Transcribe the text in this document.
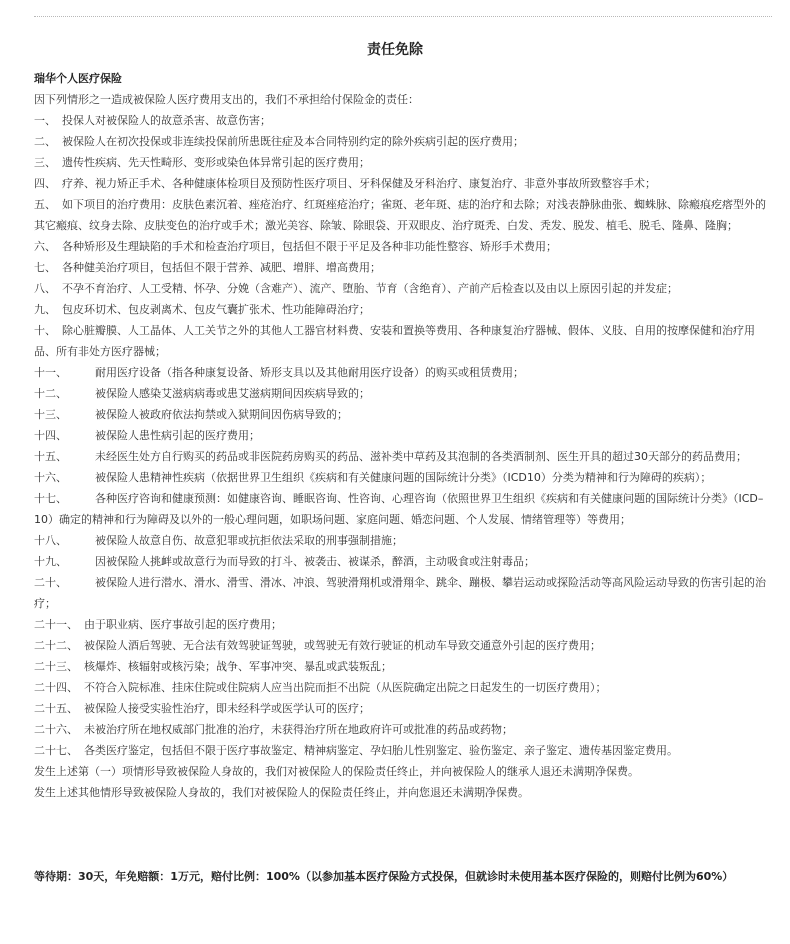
责任免除
瑞华个人医疗保险
因下列情形之一造成被保险人医疗费用支出的，我们不承担给付保险金的责任：
一、 投保人对被保险人的故意杀害、故意伤害；
二、 被保险人在初次投保或非连续投保前所患既往症及本合同特别约定的除外疾病引起的医疗费用；
三、 遗传性疾病、先天性畸形、变形或染色体异常引起的医疗费用；
四、 疗养、视力矫正手术、各种健康体检项目及预防性医疗项目、牙科保健及牙科治疗、康复治疗、非意外事故所致整容手术；
五、 如下项目的治疗费用：皮肤色素沉着、痤疮治疗、红斑痤疮治疗；雀斑、老年斑、痣的治疗和去除；对浅表静脉曲张、蜘蛛脉、除瘢痕疙瘩型外的其它瘢痕、纹身去除、皮肤变色的治疗或手术；激光美容、除皱、除眼袋、开双眼皮、治疗斑秃、白发、秃发、脱发、植毛、脱毛、隆鼻、隆胸；
六、 各种矫形及生理缺陷的手术和检查治疗项目，包括但不限于平足及各种非功能性整容、矫形手术费用；
七、 各种健美治疗项目，包括但不限于营养、减肥、增胖、增高费用；
八、 不孕不育治疗、人工受精、怀孕、分娩（含难产）、流产、堕胎、节育（含绝育）、产前产后检查以及由以上原因引起的并发症；
九、 包皮环切术、包皮剥离术、包皮气囊扩张术、性功能障碍治疗；
十、 除心脏瓣膜、人工晶体、人工关节之外的其他人工器官材料费、安装和置换等费用、各种康复治疗器械、假体、义肢、自用的按摩保健和治疗用品、所有非处方医疗器械；
十一、	耐用医疗设备（指各种康复设备、矫形支具以及其他耐用医疗设备）的购买或租赁费用；
十二、	被保险人感染艾滋病病毒或患艾滋病期间因疾病导致的；
十三、	被保险人被政府依法拘禁或入狱期间因伤病导致的；
十四、	被保险人患性病引起的医疗费用；
十五、	未经医生处方自行购买的药品或非医院药房购买的药品、滋补类中草药及其泡制的各类酒制剂、医生开具的超过30天部分的药品费用；
十六、	被保险人患精神性疾病（依据世界卫生组织《疾病和有关健康问题的国际统计分类》（ICD10）分类为精神和行为障碍的疾病）；
十七、	各种医疗咨询和健康预测：如健康咨询、睡眠咨询、性咨询、心理咨询（依照世界卫生组织《疾病和有关健康问题的国际统计分类》（ICD–10）确定的精神和行为障碍及以外的一般心理问题，如职场问题、家庭问题、婚恋问题、个人发展、情绪管理等）等费用；
十八、	被保险人故意自伤、故意犯罪或抗拒依法采取的刑事强制措施；
十九、	因被保险人挑衅或故意行为而导致的打斗、被袭击、被谋杀，醉酒，主动吸食或注射毒品；
二十、	被保险人进行潜水、滑水、滑雪、滑冰、冲浪、驾驶滑翔机或滑翔伞、跳伞、蹦极、攀岩运动或探险活动等高风险运动导致的伤害引起的治疗；
二十一、 由于职业病、医疗事故引起的医疗费用；
二十二、 被保险人酒后驾驶、无合法有效驾驶证驾驶，或驾驶无有效行驶证的机动车导致交通意外引起的医疗费用；
二十三、 核爆炸、核辐射或核污染；战争、军事冲突、暴乱或武装叛乱；
二十四、 不符合入院标准、挂床住院或住院病人应当出院而拒不出院（从医院确定出院之日起发生的一切医疗费用）；
二十五、 被保险人接受实验性治疗，即未经科学或医学认可的医疗；
二十六、 未被治疗所在地权威部门批准的治疗，未获得治疗所在地政府许可或批准的药品或药物；
二十七、 各类医疗鉴定，包括但不限于医疗事故鉴定、精神病鉴定、孕妇胎儿性别鉴定、验伤鉴定、亲子鉴定、遗传基因鉴定费用。
发生上述第（一）项情形导致被保险人身故的，我们对被保险人的保险责任终止，并向被保险人的继承人退还未满期净保费。
发生上述其他情形导致被保险人身故的，我们对被保险人的保险责任终止，并向您退还未满期净保费。
等待期：30天，年免赔额：1万元，赔付比例：100%（以参加基本医疗保险方式投保，但就诊时未使用基本医疗保险的，则赔付比例为60%）
